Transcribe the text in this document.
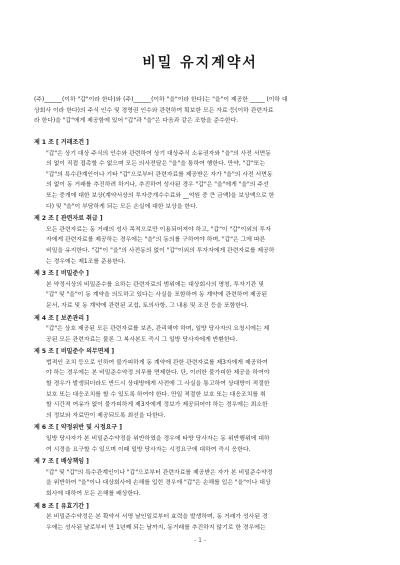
비밀 유지계약서
(주)______(이하 "갑"이라 한다)와 (주)______(이하 "을"이라 한다)는 "을"이 제공한 _____ (이하 대
상회사 이라 한다)의 주식 인수 및 경영권 인수와 관련하여 획보한 모든 자료 등(이하 관련자료
라 한다)을 "갑"에게 제공함에 있어 "갑"과 "을"은 다음과 같은 조항을 준수한다.
제 1 조 [ 거래조건 ]
"갑"은 상기 대상 주식의 인수와 관련하여 상기 대상주식 소유권자와 "을"의 사전 서면동
의 없이 직접 접촉할 수 없으며 모든 의사전달은 "을"을 통하여 행한다. 만약, "갑"또는
"갑"의 특수관계인이나 기타 "갑"으로부터 관련자료를 제공받은 자가 "을"의 사전 서면동
의 없이 동 거래를 추진하려 하거나, 추진하여 성사된 경우 "갑"은 "을"에게 "을"의 주선
또는 중개에 대한 보상(계약서상의 투자증개수수료와 __억원 중 큰 금액)을 보상액으로 한
다) 및 "을"이 부담하게 되는 모든 손실에 대한 보상을 한다.
제 2 조 [ 관련자료 취급 ]
모든 관련자료는 동 거래의 성사 목적으로만 이용되어져야 하고, "갑"이 "갑"이외의 투자
자에게 관련자료를 제공하는 경우에는 "을"의 동의를 구하여야 하며, "갑"은 그에 따른
비밀을 유지한다. "갑"이 "을"의 사전동의 없이 "갑"이외의 투자자에게 관련자료를 제공하
는 경우에는 제1조를 준용한다.
제 3 조 [ 비밀준수 ]
본 약정서상의 비밀준수를 요하는 관련자료의 범위에는 대상회사의 명칭, 투자기관 및
"갑" 및 "을"이 동 계약을 의도하고 있다는 사실을 포함하여 동 계약에 관련하여 제공된
문서, 자료 및 동 계약에 관련된 교섭, 토의사항, 그 내용 및 조건 등을 포함한다.
제 4 조 [ 보존관리 ]
"갑"은 상호 제공된 모든 관련자료를 보존, 관리해야 하며, 일방 당사자의 요청시에는 제
공된 모든 관련자료는 물론 그 복사본도 즉시 그 일방 당사자에게 반환한다.
제 5 조 [ 비밀준수 의무면제 ]
법적인 조치 등으로 인하여 불가피하게 동 계약에 관한 관련자료를 제3자에게 제공하여
야 하는 경우에는 본 비밀준수약정 의무를 면제한다. 단, 이러한 불가피한 제공을 하여야
할 경우가 발생되더라도 반드시 상대방에게 사전에 그 사실을 통고하여 상대방이 적절한
보호 또는 대응조치를 할 수 있도록 하여야 한다. 만일 적절한 보호 또는 대응조치를 취
할 시간적 여유가 없이 불가피하게 제3자에게 정보가 제공되어야 하는 경우에는 최소한
의 정보와 자료만이 제공되도록 최선을 다한다.
제 6 조 [ 약정위반 및 시정요구 ]
일방 당사자가 본 비밀준수약정을 위반하였을 경우에 타방 당사자는 동 위반행위에 대하
여 시정을 요구할 수 있으며 이때 일방 당사자는 시정요구에 대하여 즉시 응한다.
제 7 조 [ 배상책임 ]
"갑" 및 "갑"의 특수관계인이나 "갑"으로부터 관련자료를 제공받은 자가 본 비밀준수약정
을 위반하여 "을"이나 대상회사에 손해를 입힌 경우에 "갑"은 손해를 입은 "을"이나 대상
회사에 대하여 모든 손해를 배상한다.
제 8 조 [ 유효기간 ]
본 비밀준수약정은 본 확약서 서명 날인일로부터 효력을 발생하며, 동 거래가 성사된 경
우에는 성사된 날로부터 만 1년째 되는 날까지, 동거래를 추진하지 않기로 한 경우에는
- 1 -
